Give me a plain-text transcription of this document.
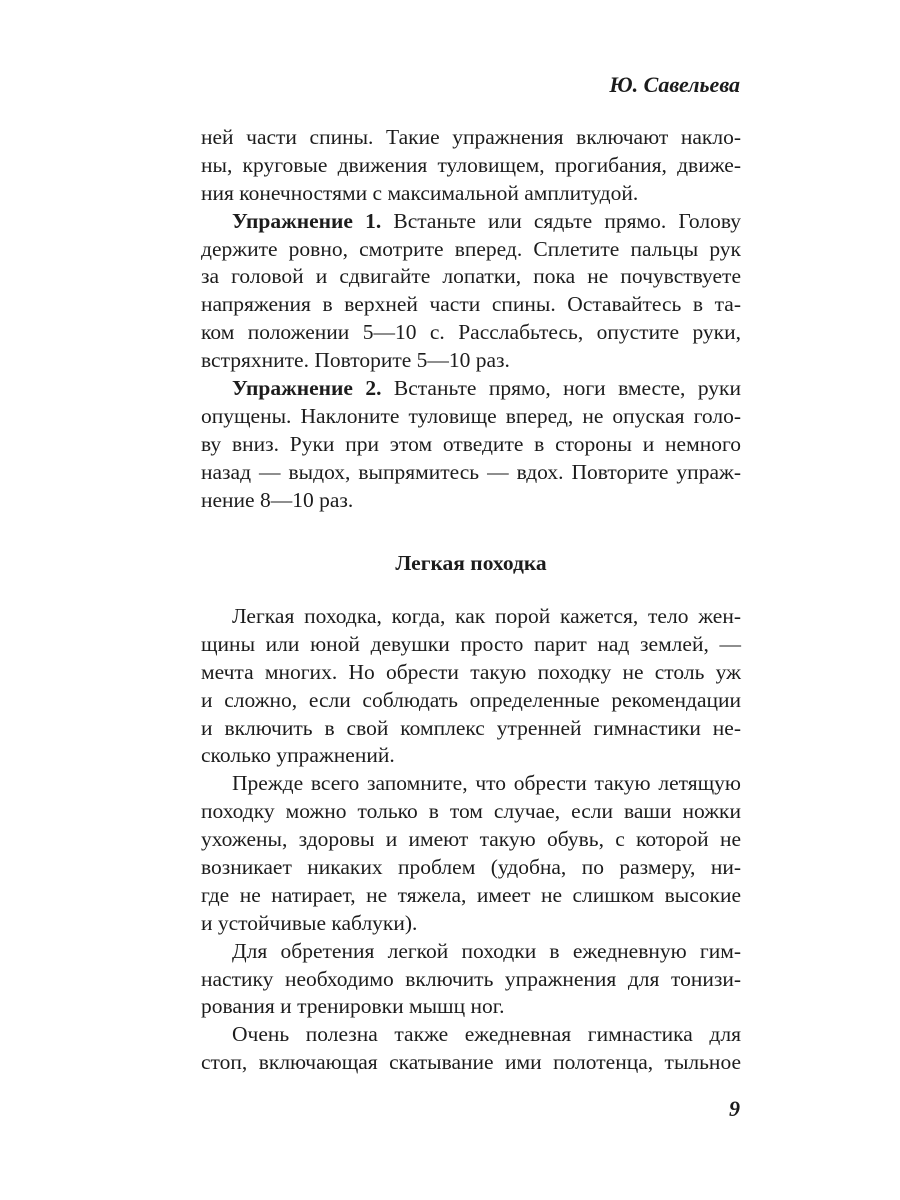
Ю. Савельева
ней части спины. Такие упражнения включают накло-
ны, круговые движения туловищем, прогибания, движе-
ния конечностями с максимальной амплитудой.
Упражнение 1. Встаньте или сядьте прямо. Голову
держите ровно, смотрите вперед. Сплетите пальцы рук
за головой и сдвигайте лопатки, пока не почувствуете
напряжения в верхней части спины. Оставайтесь в та-
ком положении 5—10 с. Расслабьтесь, опустите руки,
встряхните. Повторите 5—10 раз.
Упражнение 2. Встаньте прямо, ноги вместе, руки
опущены. Наклоните туловище вперед, не опуская голо-
ву вниз. Руки при этом отведите в стороны и немного
назад — выдох, выпрямитесь — вдох. Повторите упраж-
нение 8—10 раз.
Легкая походка
Легкая походка, когда, как порой кажется, тело жен-
щины или юной девушки просто парит над землей, —
мечта многих. Но обрести такую походку не столь уж
и сложно, если соблюдать определенные рекомендации
и включить в свой комплекс утренней гимнастики не-
сколько упражнений.
Прежде всего запомните, что обрести такую летящую
походку можно только в том случае, если ваши ножки
ухожены, здоровы и имеют такую обувь, с которой не
возникает никаких проблем (удобна, по размеру, ни-
где не натирает, не тяжела, имеет не слишком высокие
и устойчивые каблуки).
Для обретения легкой походки в ежедневную гим-
настику необходимо включить упражнения для тонизи-
рования и тренировки мышц ног.
Очень полезна также ежедневная гимнастика для
стоп, включающая скатывание ими полотенца, тыльное
9
